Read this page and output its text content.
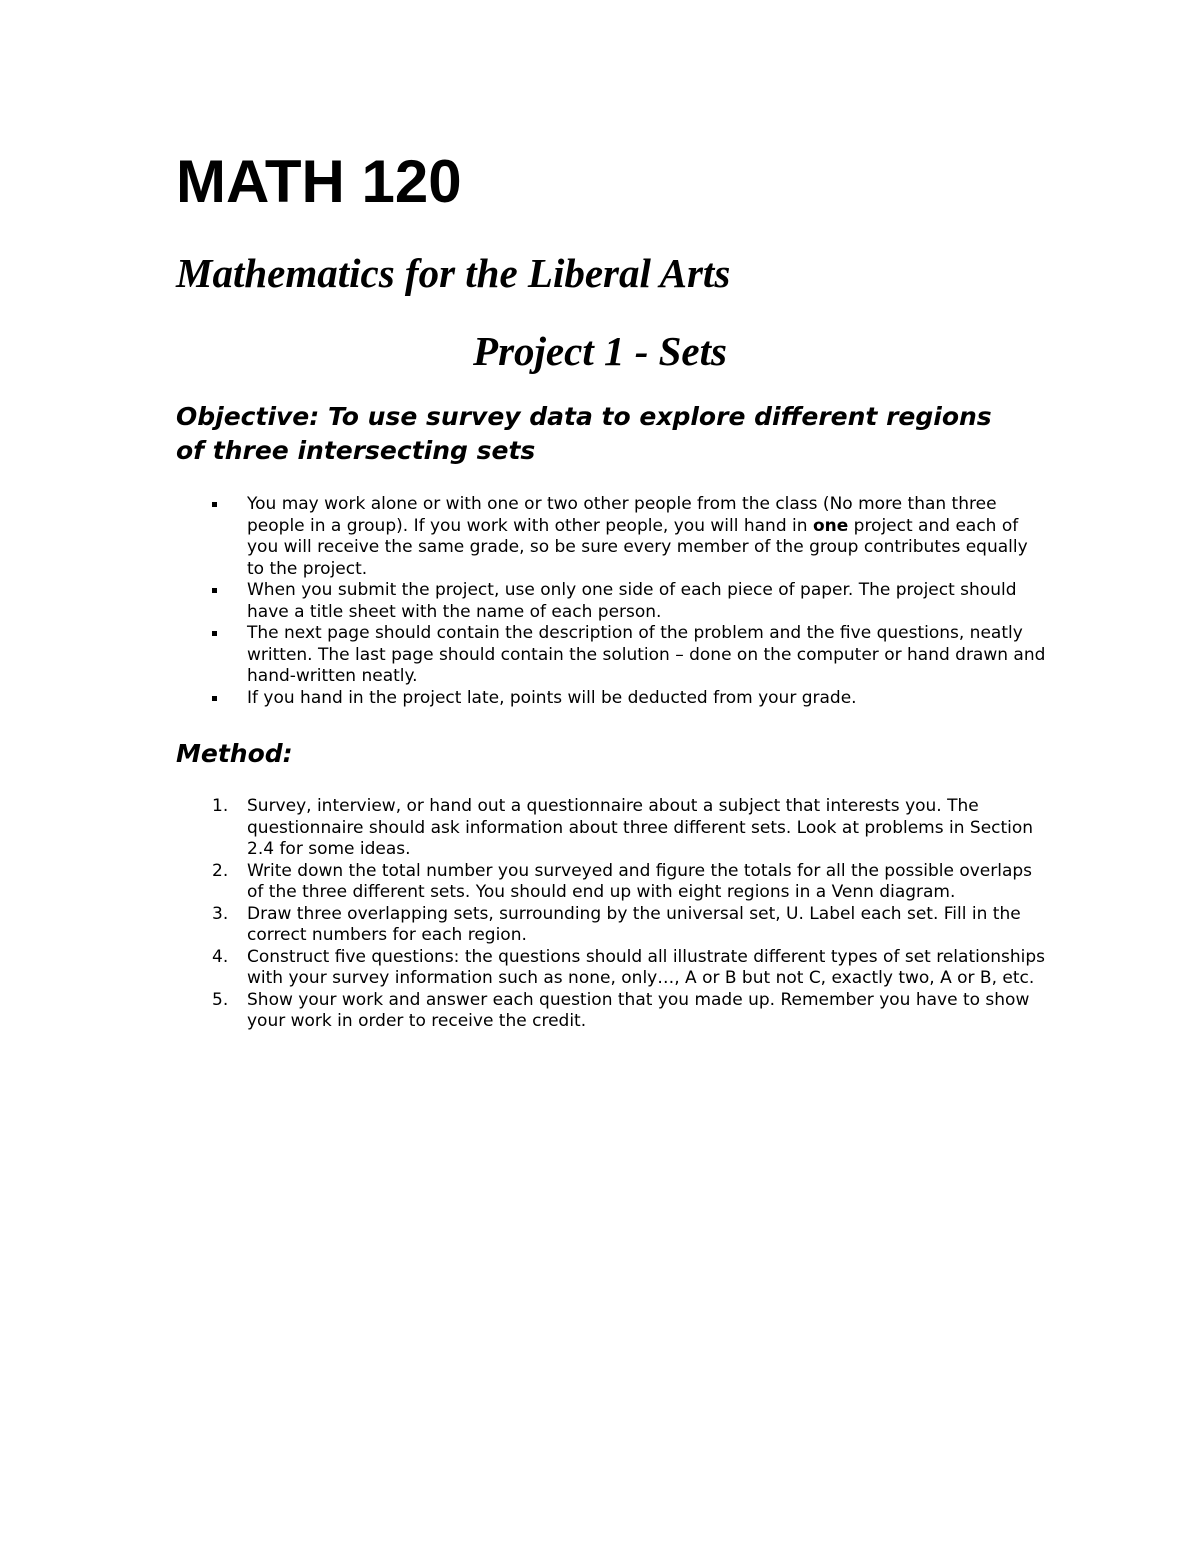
MATH 120
Mathematics for the Liberal Arts
Project 1 - Sets
Objective: To use survey data to explore different regions of three intersecting sets
You may work alone or with one or two other people from the class (No more than three people in a group). If you work with other people, you will hand in one project and each of you will receive the same grade, so be sure every member of the group contributes equally to the project.
When you submit the project, use only one side of each piece of paper. The project should have a title sheet with the name of each person.
The next page should contain the description of the problem and the five questions, neatly written. The last page should contain the solution – done on the computer or hand drawn and hand-written neatly.
If you hand in the project late, points will be deducted from your grade.
Method:
1. Survey, interview, or hand out a questionnaire about a subject that interests you. The questionnaire should ask information about three different sets. Look at problems in Section 2.4 for some ideas.
2. Write down the total number you surveyed and figure the totals for all the possible overlaps of the three different sets. You should end up with eight regions in a Venn diagram.
3. Draw three overlapping sets, surrounding by the universal set, U. Label each set. Fill in the correct numbers for each region.
4. Construct five questions: the questions should all illustrate different types of set relationships with your survey information such as none, only…, A or B but not C, exactly two, A or B, etc.
5. Show your work and answer each question that you made up. Remember you have to show your work in order to receive the credit.
